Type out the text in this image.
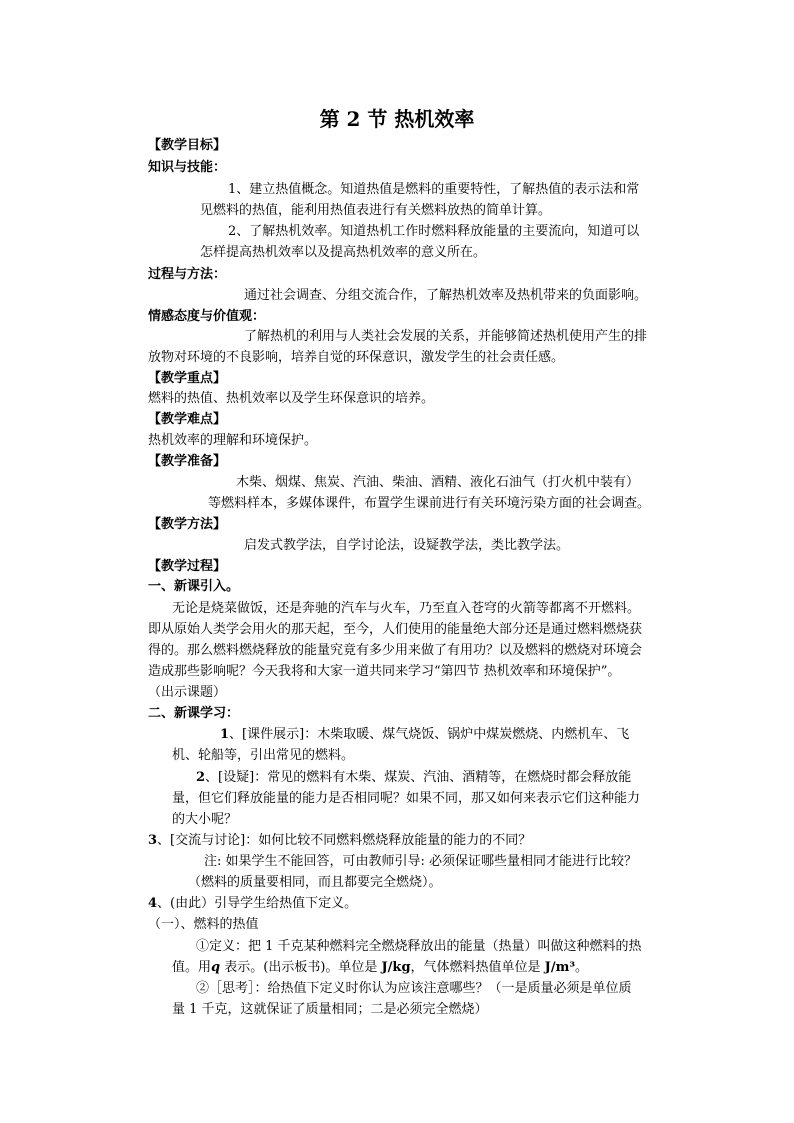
第 2 节 热机效率
【教学目标】
知识与技能：
1、建立热值概念。知道热值是燃料的重要特性，了解热值的表示法和常
见燃料的热值，能利用热值表进行有关燃料放热的简单计算。
2、了解热机效率。知道热机工作时燃料释放能量的主要流向，知道可以
怎样提高热机效率以及提高热机效率的意义所在。
过程与方法：
通过社会调查、分组交流合作，了解热机效率及热机带来的负面影响。
情感态度与价值观：
了解热机的利用与人类社会发展的关系，并能够简述热机使用产生的排
放物对环境的不良影响，培养自觉的环保意识，激发学生的社会责任感。
【教学重点】
燃料的热值、热机效率以及学生环保意识的培养。
【教学难点】
热机效率的理解和环境保护。
【教学准备】
木柴、烟煤、焦炭、汽油、柴油、酒精、液化石油气（打火机中装有）
等燃料样本，多媒体课件，布置学生课前进行有关环境污染方面的社会调查。
【教学方法】
启发式教学法，自学讨论法，设疑教学法，类比教学法。
【教学过程】
一、新课引入。
无论是烧菜做饭，还是奔驰的汽车与火车，乃至直入苍穹的火箭等都离不开燃料。
即从原始人类学会用火的那天起，至今，人们使用的能量绝大部分还是通过燃料燃烧获
得的。那么燃料燃烧释放的能量究竟有多少用来做了有用功？以及燃料的燃烧对环境会
造成那些影响呢？今天我将和大家一道共同来学习“第四节 热机效率和环境保护”。
（出示课题）
二、新课学习：
1、[课件展示]：木柴取暖、煤气烧饭、锅炉中煤炭燃烧、内燃机车、飞
机、轮船等，引出常见的燃料。
2、[设疑]：常见的燃料有木柴、煤炭、汽油、酒精等，在燃烧时都会释放能
量，但它们释放能量的能力是否相同呢？如果不同，那又如何来表示它们这种能力
的大小呢？
3、[交流与讨论]：如何比较不同燃料燃烧释放能量的能力的不同？
注: 如果学生不能回答，可由教师引导: 必须保证哪些量相同才能进行比较？
（燃料的质量要相同，而且都要完全燃烧）。
4、(由此）引导学生给热值下定义。
（一）、燃料的热值
①定义：把 1 千克某种燃料完全燃烧释放出的能量（热量）叫做这种燃料的热
值。用q 表示。(出示板书)。单位是 J/kg，气体燃料热值单位是 J/m³。
②［思考］：给热值下定义时你认为应该注意哪些？（一是质量必须是单位质
量 1 千克，这就保证了质量相同；二是必须完全燃烧）
